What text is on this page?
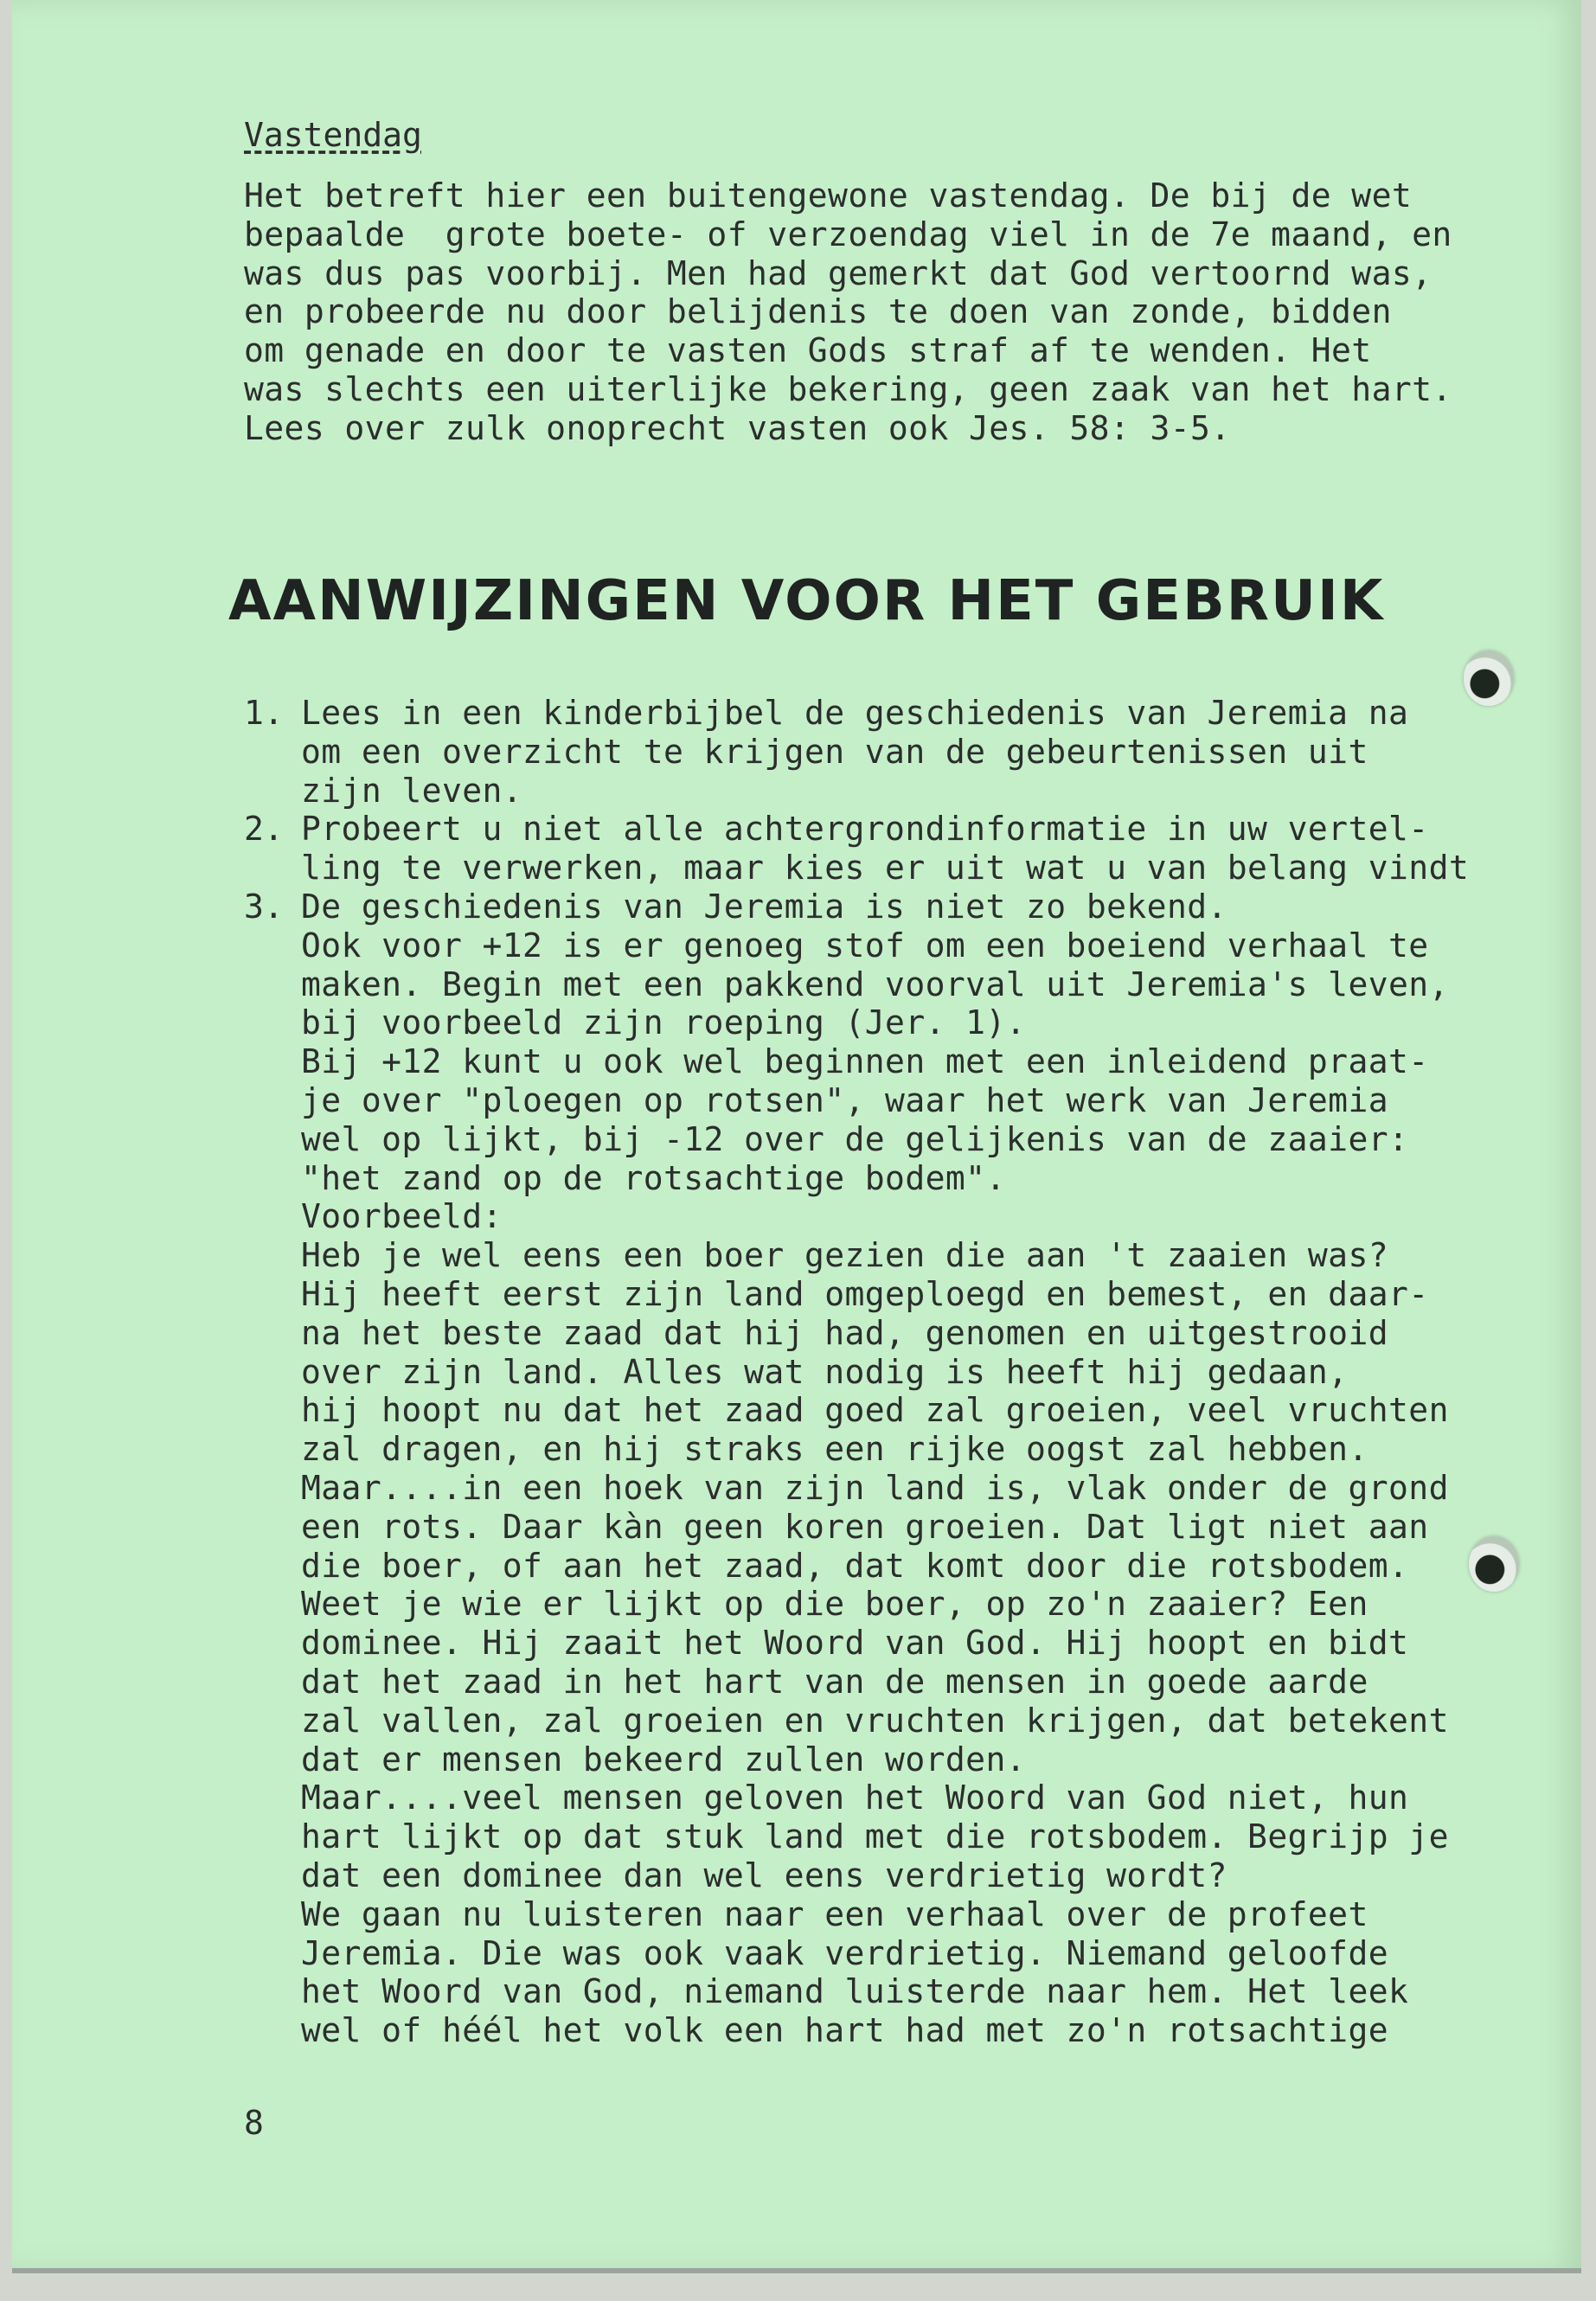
Vastendag
Het betreft hier een buitengewone vastendag. De bij de wet
bepaalde  grote boete- of verzoendag viel in de 7e maand, en
was dus pas voorbij. Men had gemerkt dat God vertoornd was,
en probeerde nu door belijdenis te doen van zonde, bidden
om genade en door te vasten Gods straf af te wenden. Het
was slechts een uiterlijke bekering, geen zaak van het hart.
Lees over zulk onoprecht vasten ook Jes. 58: 3-5.
AANWIJZINGEN VOOR HET GEBRUIK
1. Lees in een kinderbijbel de geschiedenis van Jeremia na
om een overzicht te krijgen van de gebeurtenissen uit
zijn leven.
2. Probeert u niet alle achtergrondinformatie in uw vertel-
ling te verwerken, maar kies er uit wat u van belang vindt
3. De geschiedenis van Jeremia is niet zo bekend.
Ook voor +12 is er genoeg stof om een boeiend verhaal te
maken. Begin met een pakkend voorval uit Jeremia's leven,
bij voorbeeld zijn roeping (Jer. 1).
Bij +12 kunt u ook wel beginnen met een inleidend praat-
je over "ploegen op rotsen", waar het werk van Jeremia
wel op lijkt, bij -12 over de gelijkenis van de zaaier:
"het zand op de rotsachtige bodem".
Voorbeeld:
Heb je wel eens een boer gezien die aan 't zaaien was?
Hij heeft eerst zijn land omgeploegd en bemest, en daar-
na het beste zaad dat hij had, genomen en uitgestrooid
over zijn land. Alles wat nodig is heeft hij gedaan,
hij hoopt nu dat het zaad goed zal groeien, veel vruchten
zal dragen, en hij straks een rijke oogst zal hebben.
Maar....in een hoek van zijn land is, vlak onder de grond
een rots. Daar kàn geen koren groeien. Dat ligt niet aan
die boer, of aan het zaad, dat komt door die rotsbodem.
Weet je wie er lijkt op die boer, op zo'n zaaier? Een
dominee. Hij zaait het Woord van God. Hij hoopt en bidt
dat het zaad in het hart van de mensen in goede aarde
zal vallen, zal groeien en vruchten krijgen, dat betekent
dat er mensen bekeerd zullen worden.
Maar....veel mensen geloven het Woord van God niet, hun
hart lijkt op dat stuk land met die rotsbodem. Begrijp je
dat een dominee dan wel eens verdrietig wordt?
We gaan nu luisteren naar een verhaal over de profeet
Jeremia. Die was ook vaak verdrietig. Niemand geloofde
het Woord van God, niemand luisterde naar hem. Het leek
wel of héél het volk een hart had met zo'n rotsachtige
8
